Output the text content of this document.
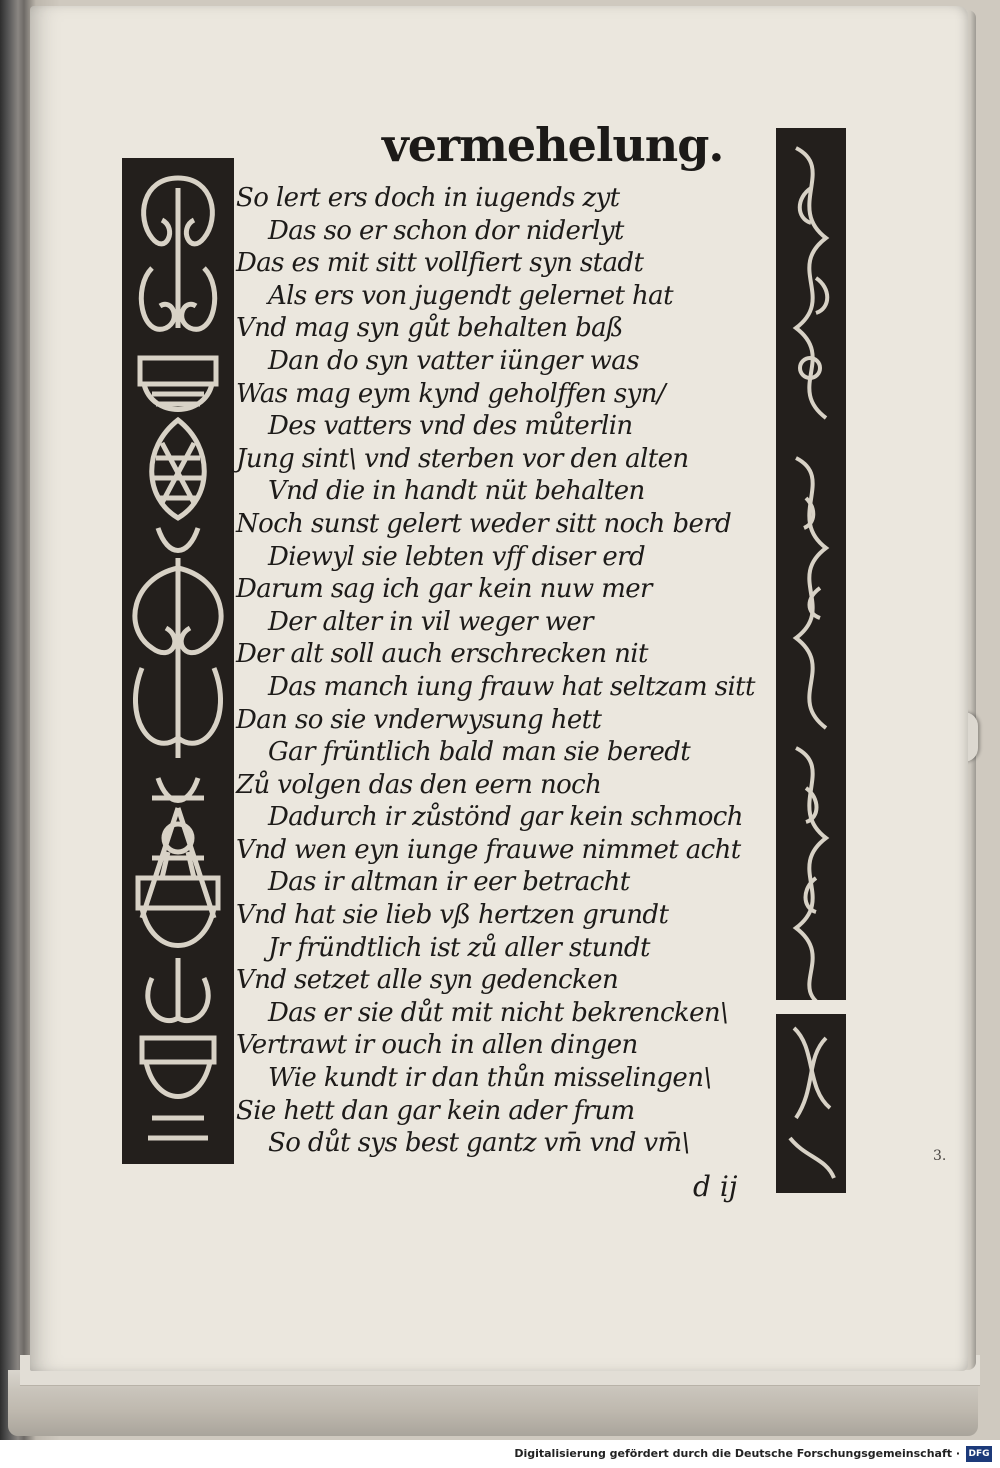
vermehelung.
So lert ers doch in iugends zyt
Das so er schon dor niderlyt
Das es mit sitt vollfiert syn stadt
Als ers von jugendt gelernet hat
Vnd mag syn gůt behalten baß
Dan do syn vatter iünger was
Was mag eym kynd geholffen syn/
Des vatters vnd des můterlin
Jung sint\ vnd sterben vor den alten
Vnd die in handt nüt behalten
Noch sunst gelert weder sitt noch berd
Diewyl sie lebten vff diser erd
Darum sag ich gar kein nuw mer
Der alter in vil weger wer
Der alt soll auch erschrecken nit
Das manch iung frauw hat seltzam sitt
Dan so sie vnderwysung hett
Gar früntlich bald man sie beredt
Zů volgen das den eern noch
Dadurch ir zůstönd gar kein schmoch
Vnd wen eyn iunge frauwe nimmet acht
Das ir altman ir eer betracht
Vnd hat sie lieb vß hertzen grundt
Jr fründtlich ist zů aller stundt
Vnd setzet alle syn gedencken
Das er sie důt mit nicht bekrencken\
Vertrawt ir ouch in allen dingen
Wie kundt ir dan thůn misselingen\
Sie hett dan gar kein ader frum
So důt sys best gantz vm̄ vnd vm̄\
d ij
3.
Digitalisierung gefördert durch die Deutsche Forschungsgemeinschaft · DFG
